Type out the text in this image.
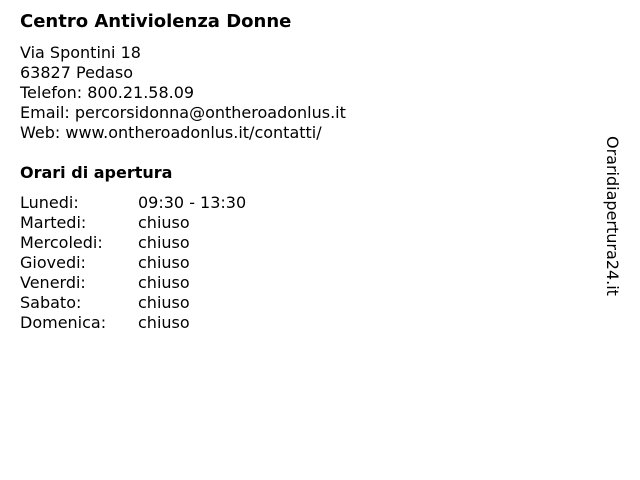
Centro Antiviolenza Donne
Via Spontini 18
63827 Pedaso
Telefon: 800.21.58.09
Email: percorsidonna@ontheroadonlus.it
Web: www.ontheroadonlus.it/contatti/
Orari di apertura
Lunedi:	09:30 - 13:30
Martedi:	chiuso
Mercoledi:	chiuso
Giovedi:	chiuso
Venerdi:	chiuso
Sabato:	chiuso
Domenica:	chiuso
Oraridiapertura24.it
